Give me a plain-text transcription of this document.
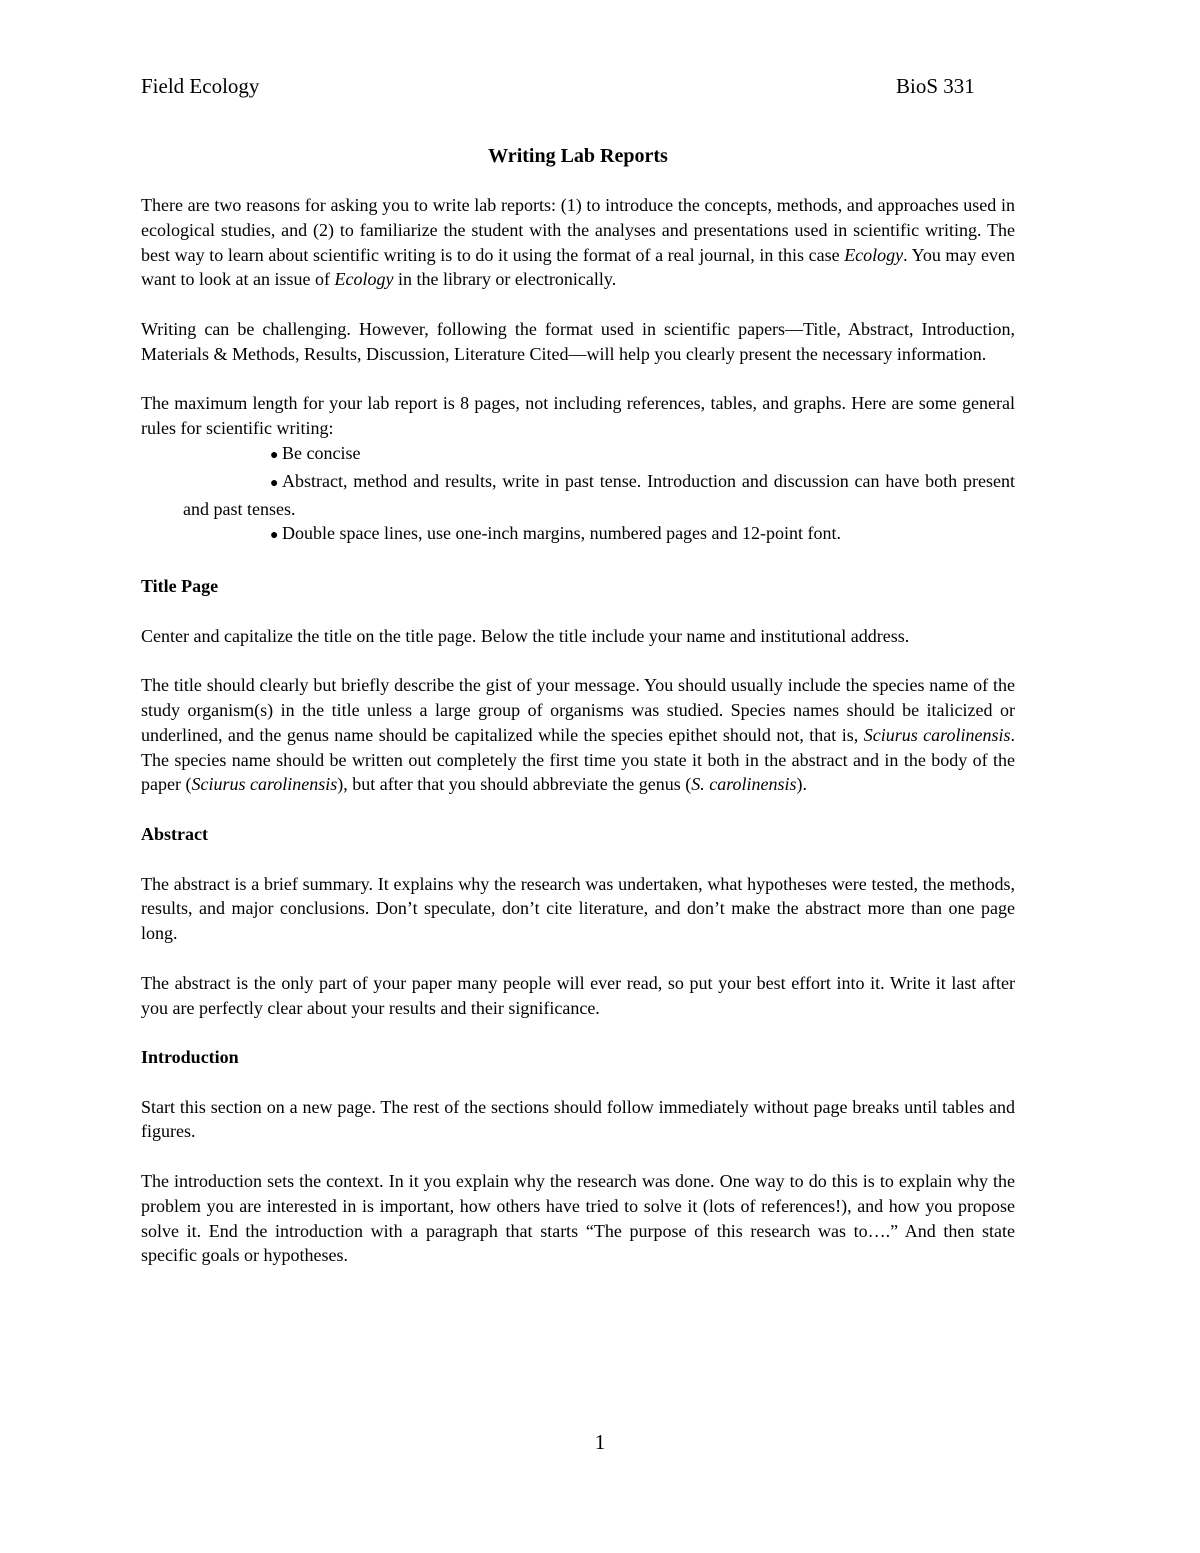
Field Ecology	BioS 331
Writing Lab Reports

There are two reasons for asking you to write lab reports: (1) to introduce the concepts, methods, and approaches used in ecological studies, and (2) to familiarize the student with the analyses and presentations used in scientific writing. The best way to learn about scientific writing is to do it using the format of a real journal, in this case Ecology. You may even want to look at an issue of Ecology in the library or electronically.

Writing can be challenging. However, following the format used in scientific papers—Title, Abstract, Introduction, Materials & Methods, Results, Discussion, Literature Cited—will help you clearly present the necessary information.

The maximum length for your lab report is 8 pages, not including references, tables, and graphs. Here are some general rules for scientific writing:

● Be concise
● Abstract, method and results, write in past tense. Introduction and discussion can have both present and past tenses.
● Double space lines, use one-inch margins, numbered pages and 12-point font.
Title Page

Center and capitalize the title on the title page. Below the title include your name and institutional address.

The title should clearly but briefly describe the gist of your message. You should usually include the species name of the study organism(s) in the title unless a large group of organisms was studied. Species names should be italicized or underlined, and the genus name should be capitalized while the species epithet should not, that is, Sciurus carolinensis. The species name should be written out completely the first time you state it both in the abstract and in the body of the paper (Sciurus carolinensis), but after that you should abbreviate the genus (S. carolinensis).

Abstract

The abstract is a brief summary. It explains why the research was undertaken, what hypotheses were tested, the methods, results, and major conclusions. Don’t speculate, don’t cite literature, and don’t make the abstract more than one page long.

The abstract is the only part of your paper many people will ever read, so put your best effort into it. Write it last after you are perfectly clear about your results and their significance.

Introduction

Start this section on a new page. The rest of the sections should follow immediately without page breaks until tables and figures.

The introduction sets the context. In it you explain why the research was done. One way to do this is to explain why the problem you are interested in is important, how others have tried to solve it (lots of references!), and how you propose solve it. End the introduction with a paragraph that starts “The purpose of this research was to….” And then state specific goals or hypotheses.

1
